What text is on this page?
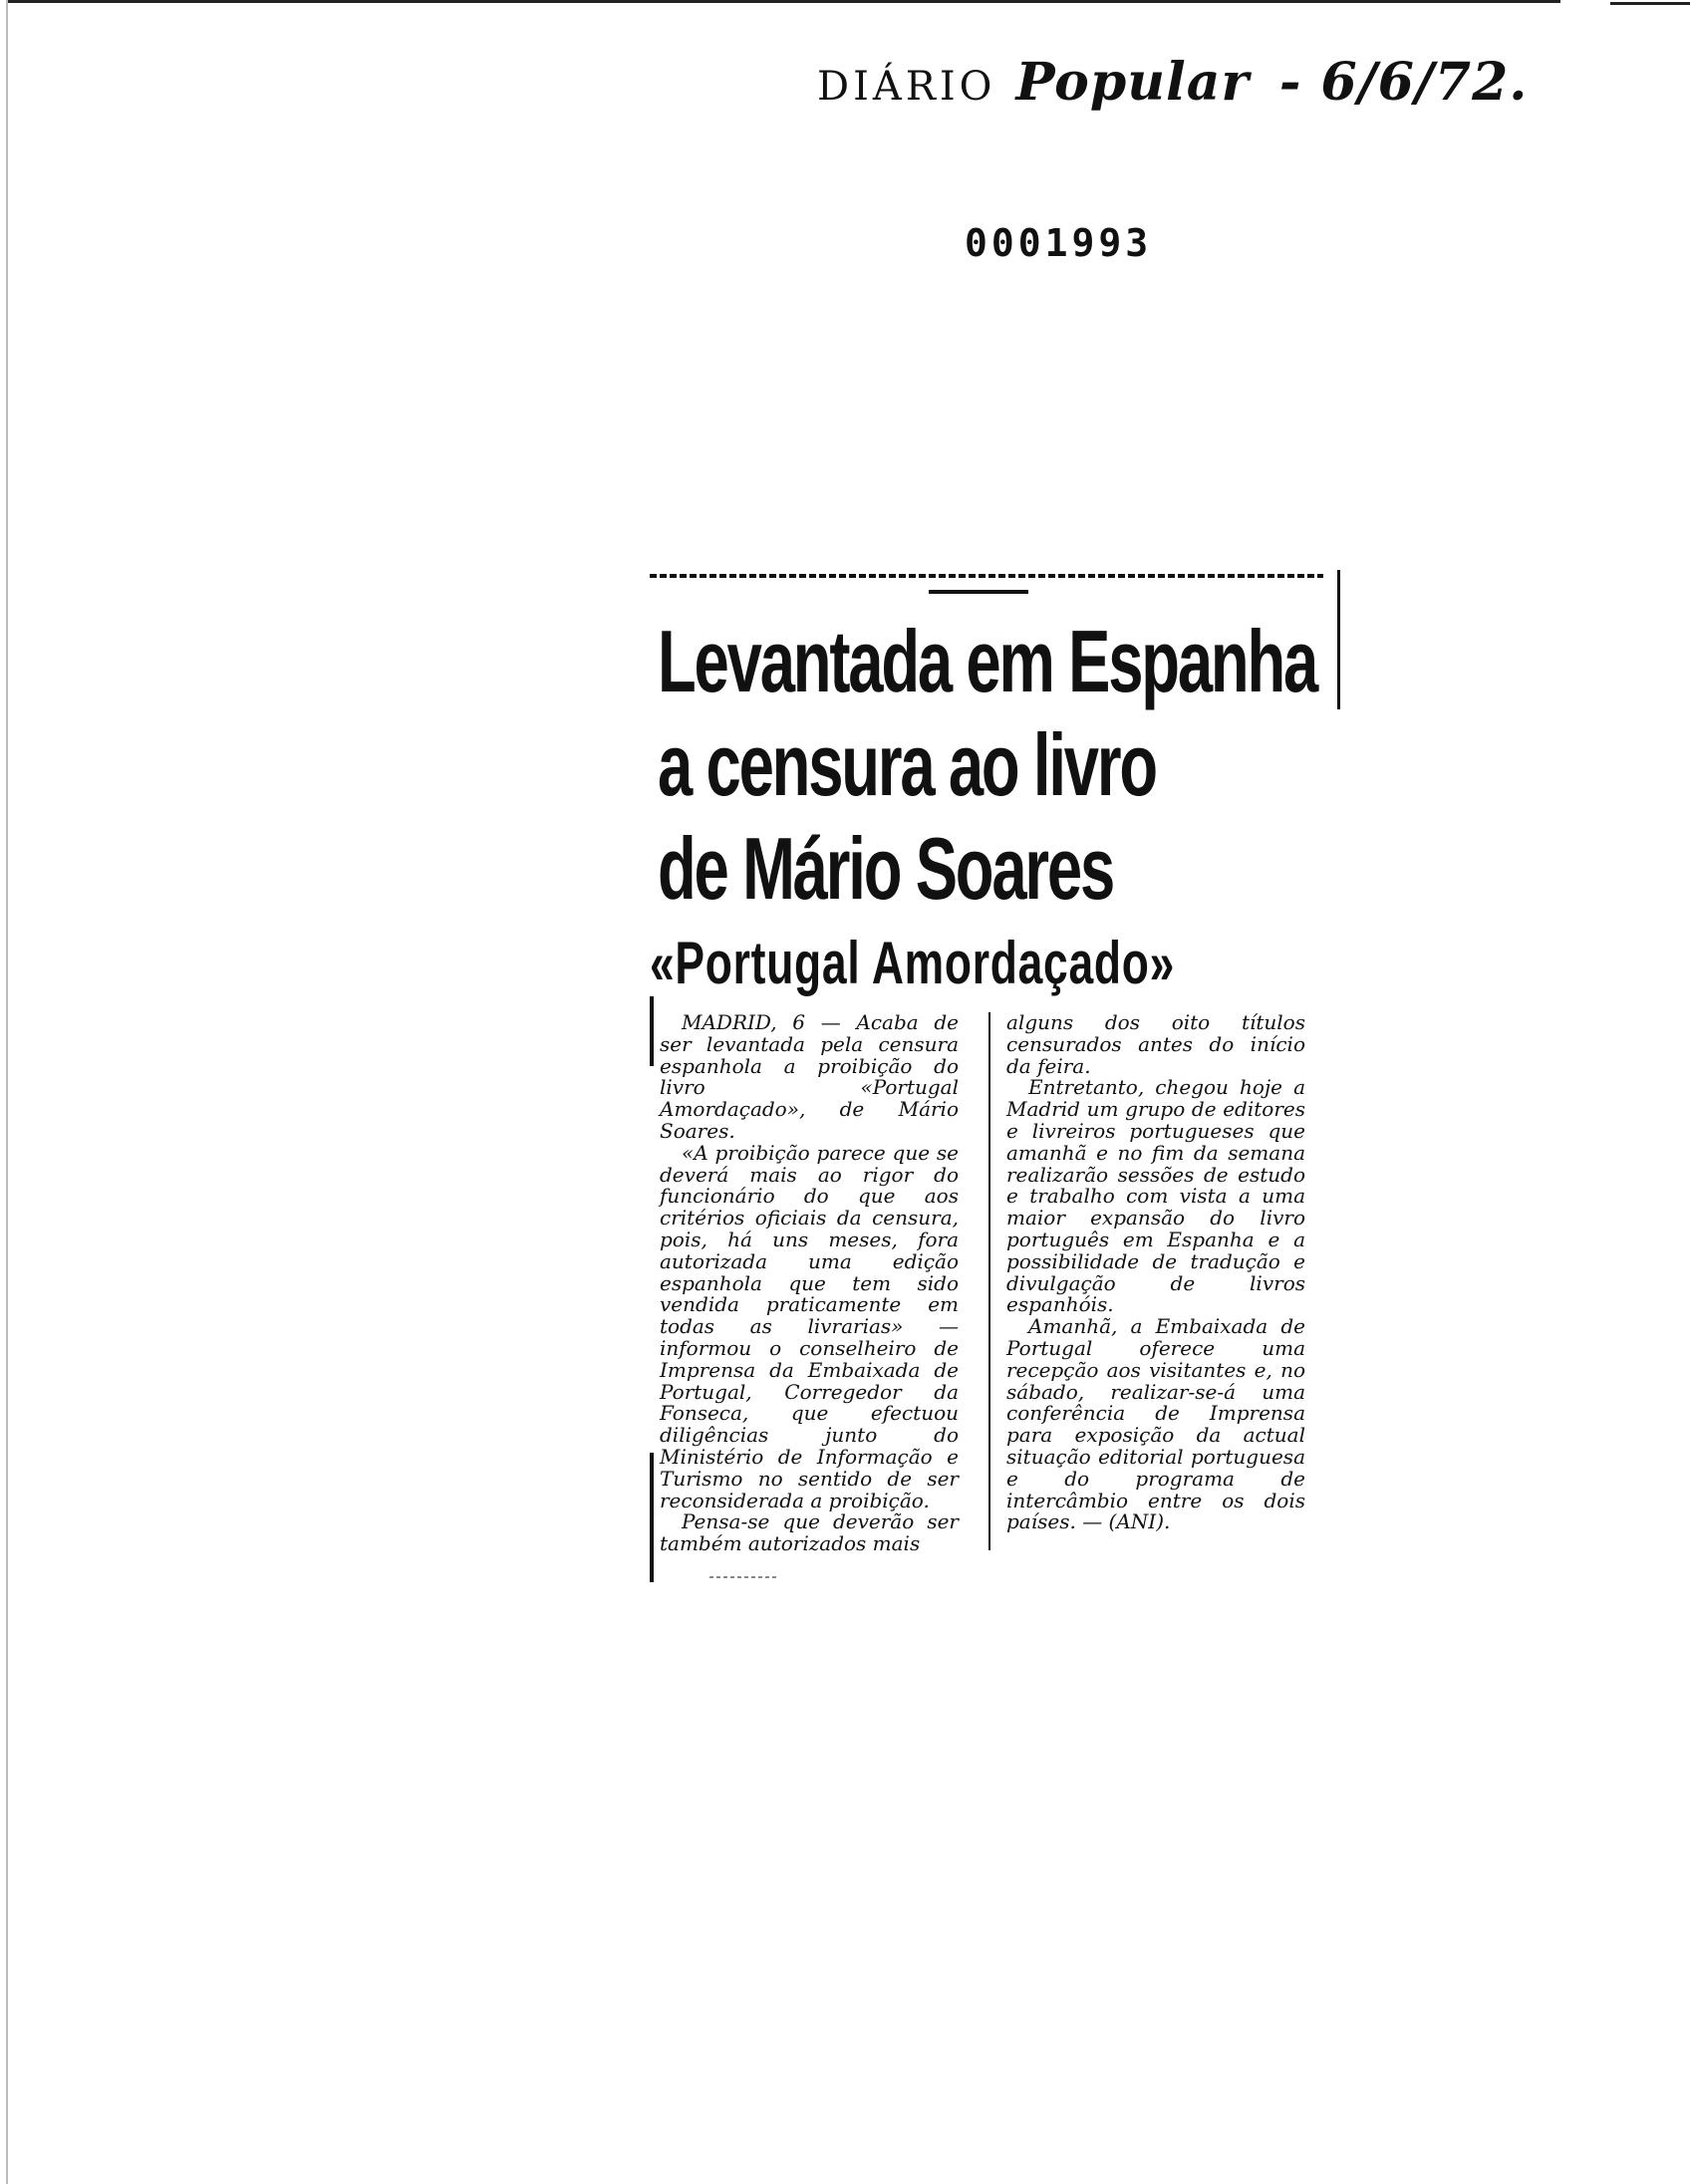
DIÁRIO Popular - 6/6/72.
0001993
Levantada em Espanha
a censura ao livro
de Mário Soares
«Portugal Amordaçado»

MADRID, 6 — Acaba de ser levantada pela censura espanhola a proibição do livro «Portugal Amordaçado», de Mário Soares.

«A proibição parece que se deverá mais ao rigor do funcionário do que aos critérios oficiais da censura, pois, há uns meses, fora autorizada uma edição espanhola que tem sido vendida praticamente em todas as livrarias» — informou o conselheiro de Imprensa da Embaixada de Portugal, Corregedor da Fonseca, que efectuou diligências junto do Ministério de Informação e Turismo no sentido de ser reconsiderada a proibição.

Pensa-se que deverão ser também autorizados mais

alguns dos oito títulos censurados antes do início da feira.

Entretanto, chegou hoje a Madrid um grupo de editores e livreiros portugueses que amanhã e no fim da semana realizarão sessões de estudo e trabalho com vista a uma maior expansão do livro português em Espanha e a possibilidade de tradução e divulgação de livros espanhóis.

Amanhã, a Embaixada de Portugal oferece uma recepção aos visitantes e, no sábado, realizar-se-á uma conferência de Imprensa para exposição da actual situação editorial portuguesa e do programa de intercâmbio entre os dois países. — (ANI).
